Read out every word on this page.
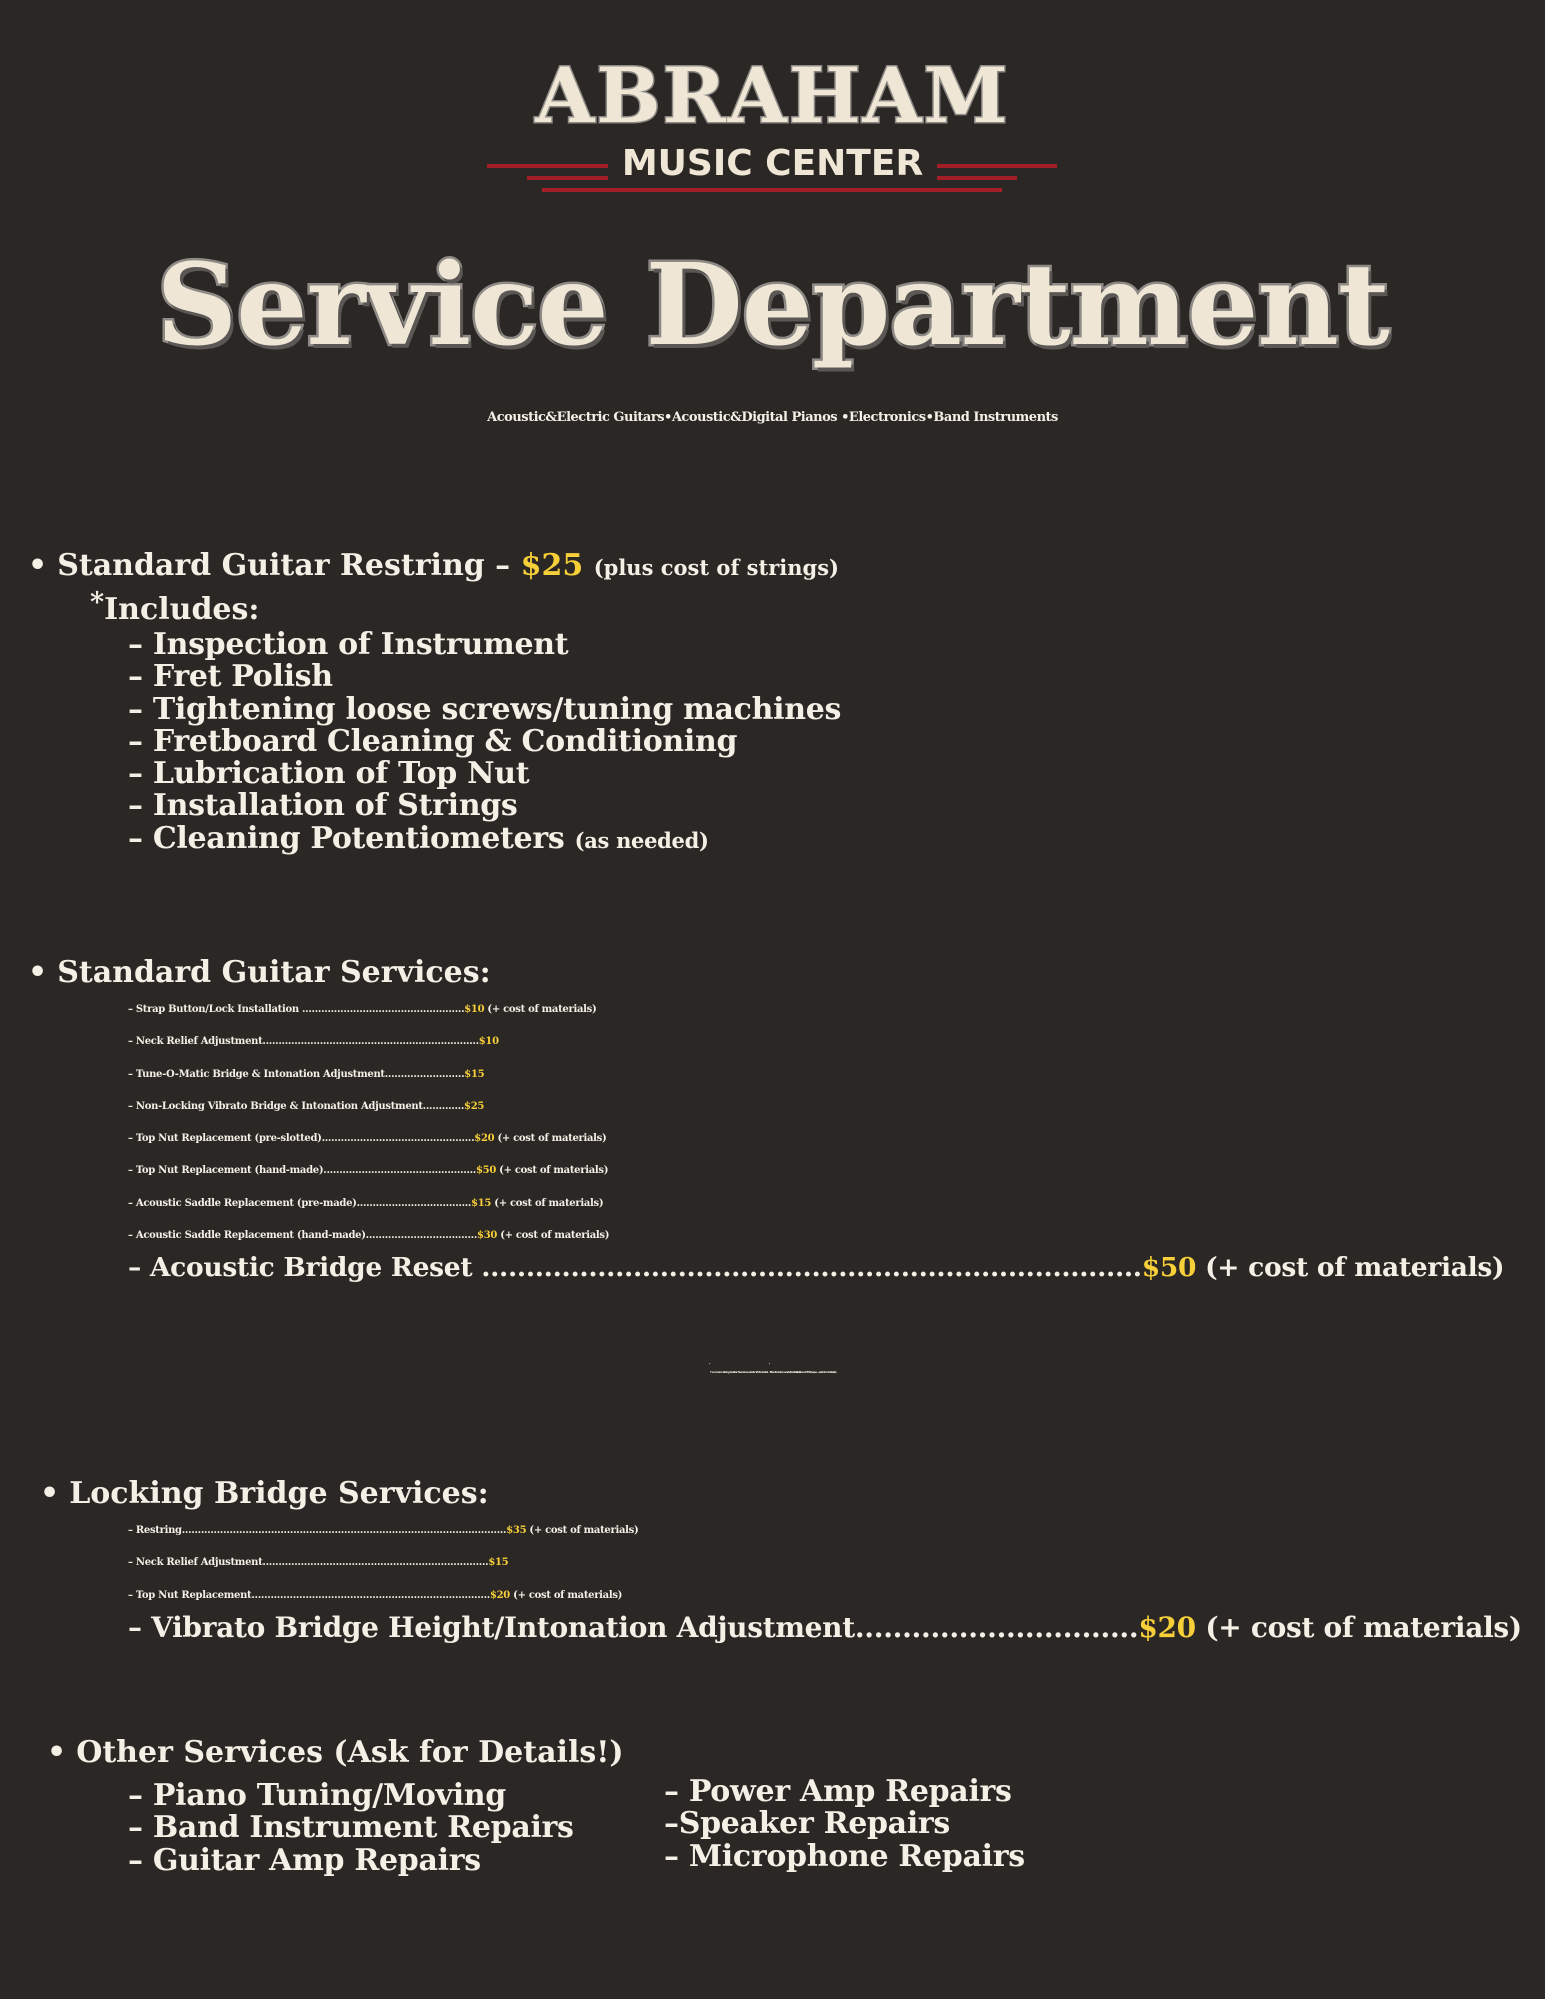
ABRAHAM
MUSIC CENTER
Service Department
Acoustic&Electric Guitars•Acoustic&Digital Pianos •Electronics•Band Instruments
• Standard Guitar Restring – $25 (plus cost of strings)
*Includes:
– Inspection of Instrument
– Fret Polish
– Tightening loose screws/tuning machines
– Fretboard Cleaning & Conditioning
– Lubrication of Top Nut
– Installation of Strings
– Cleaning Potentiometers (as needed)
• Standard Guitar Services:
– Strap Button/Lock Installation ...................................................$10 (+ cost of materials)
– Neck Relief Adjustment....................................................................$10
– Tune-O-Matic Bridge & Intonation Adjustment.........................$15
– Non-Locking Vibrato Bridge & Intonation Adjustment.............$25
– Top Nut Replacement (pre-slotted)................................................$20 (+ cost of materials)
– Top Nut Replacement (hand-made)................................................$50 (+ cost of materials)
– Acoustic Saddle Replacement (pre-made)....................................$15 (+ cost of materials)
– Acoustic Saddle Replacement (hand-made)...................................$30 (+ cost of materials)
– Acoustic Bridge Reset ..........................................................................$50 (+ cost of materials)
*7 or more string Guitar Services adds $5 to total. *Electronics work/Installation of Pickups – ask for details)
• Locking Bridge Services:
– Restring......................................................................................................$35 (+ cost of materials)
– Neck Relief Adjustment.......................................................................$15
– Top Nut Replacement...........................................................................$20 (+ cost of materials)
– Vibrato Bridge Height/Intonation Adjustment..............................$20 (+ cost of materials)
• Other Services (Ask for Details!)
– Piano Tuning/Moving
– Band Instrument Repairs
– Guitar Amp Repairs
– Power Amp Repairs
–Speaker Repairs
– Microphone Repairs
